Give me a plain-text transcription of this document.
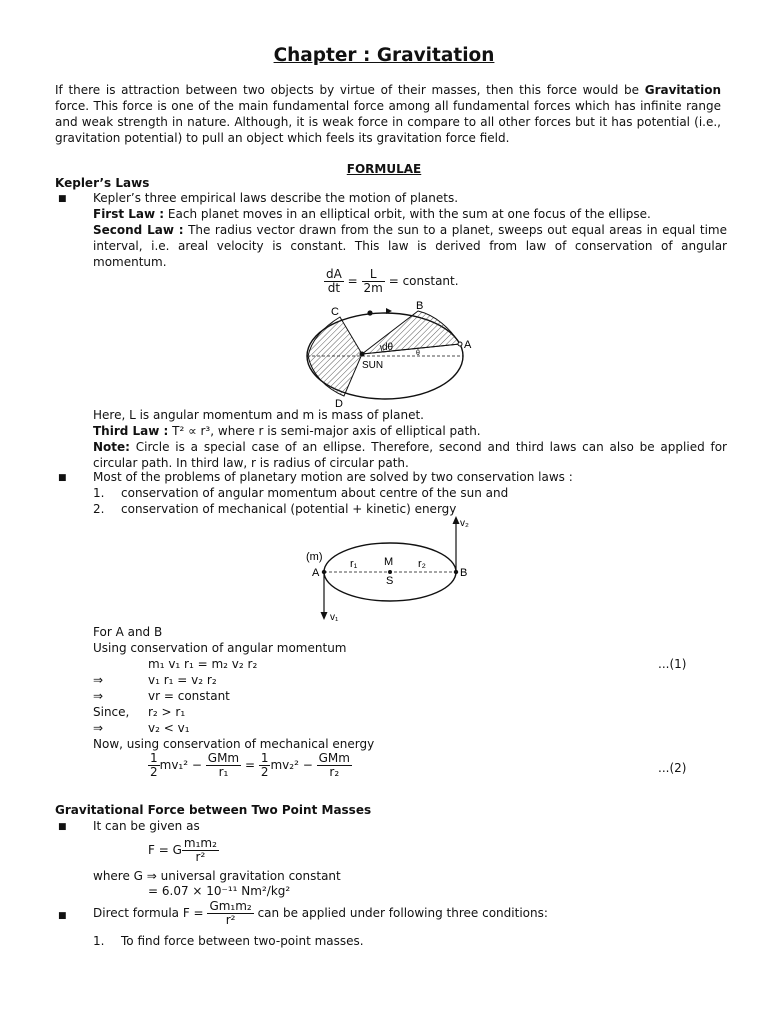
Chapter : Gravitation
If there is attraction between two objects by virtue of their masses, then this force would be Gravitation force. This force is one of the main fundamental force among all fundamental forces which has infinite range and weak strength in nature. Although, it is weak force in compare to all other forces but it has potential (i.e., gravitation potential) to pull an object which feels its gravitation force field.
FORMULAE
Kepler’s Laws
■ Kepler’s three empirical laws describe the motion of planets.
First Law : Each planet moves in an elliptical orbit, with the sum at one focus of the ellipse.
Second Law : The radius vector drawn from the sun to a planet, sweeps out equal areas in equal time interval, i.e. areal velocity is constant. This law is derived from law of conservation of angular momentum.
$\frac{dA}{dt} = \frac{L}{2m}$ = constant.
A
B
C
D
SUN
dθ
θ
Here, L is angular momentum and m is mass of planet.
Third Law : T² ∝ r³, where r is semi-major axis of elliptical path.
Note: Circle is a special case of an ellipse. Therefore, second and third laws can also be applied for circular path. In third law, r is radius of circular path.
■ Most of the problems of planetary motion are solved by two conservation laws :
1. conservation of angular momentum about centre of the sun and
2. conservation of mechanical (potential + kinetic) energy
(m)
A	B
M
S
r₁	r₂
v₂
v₁
For A and B
Using conservation of angular momentum
m₁ v₁ r₁ = m₂ v₂ r₂	...(1)
⇒	v₁ r₁ = v₂ r₂
⇒	vr = constant
Since, r₂ > r₁
⇒	v₂ < v₁
Now, using conservation of mechanical energy
$\frac{1}{2} mv_1^2 - \frac{\text{GMm}}{\text{r₁}} = \frac{1}{2} mv_2^2 - \frac{\text{GMm}}{\text{r₂}}$	...(2)
Gravitational Force between Two Point Masses
■ It can be given as
F = G $\frac{\text{m₁m₂}}{\text{r²}}$
where G ⇒ universal gravitation constant
= 6.07 × 10⁻¹¹ Nm²/kg²
■ Direct formula $F = \frac{\text{Gm₁m₂}}{\text{r²}}$ can be applied under following three conditions:
1. To find force between two-point masses.
